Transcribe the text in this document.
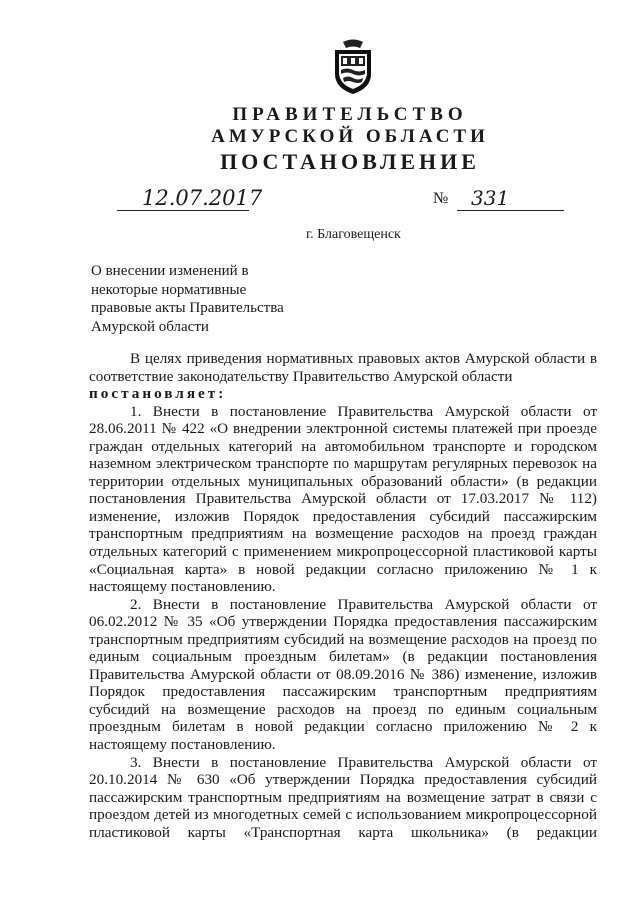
ПРАВИТЕЛЬСТВО
АМУРСКОЙ ОБЛАСТИ
ПОСТАНОВЛЕНИЕ
12.07.2017	№ 331
г. Благовещенск
О внесении изменений в
некоторые нормативные
правовые акты Правительства
Амурской области
В целях приведения нормативных правовых актов Амурской области в
соответствие законодательству Правительство Амурской области
постановляет:
1. Внести в постановление Правительства Амурской области от
28.06.2011 № 422 «О внедрении электронной системы платежей при проезде
граждан отдельных категорий на автомобильном транспорте и городском
наземном электрическом транспорте по маршрутам регулярных перевозок на
территории отдельных муниципальных образований области» (в редакции
постановления Правительства Амурской области от 17.03.2017 № 112)
изменение, изложив Порядок предоставления субсидий пассажирским
транспортным предприятиям на возмещение расходов на проезд граждан
отдельных категорий с применением микропроцессорной пластиковой карты
«Социальная карта» в новой редакции согласно приложению № 1 к
настоящему постановлению.
2. Внести в постановление Правительства Амурской области от
06.02.2012 № 35 «Об утверждении Порядка предоставления пассажирским
транспортным предприятиям субсидий на возмещение расходов на проезд по
единым социальным проездным билетам» (в редакции постановления
Правительства Амурской области от 08.09.2016 № 386) изменение, изложив
Порядок предоставления пассажирским транспортным предприятиям
субсидий на возмещение расходов на проезд по единым социальным
проездным билетам в новой редакции согласно приложению № 2 к
настоящему постановлению.
3. Внести в постановление Правительства Амурской области от
20.10.2014 № 630 «Об утверждении Порядка предоставления субсидий
пассажирским транспортным предприятиям на возмещение затрат в связи с
проездом детей из многодетных семей с использованием микропроцессорной
пластиковой карты «Транспортная карта школьника» (в редакции
